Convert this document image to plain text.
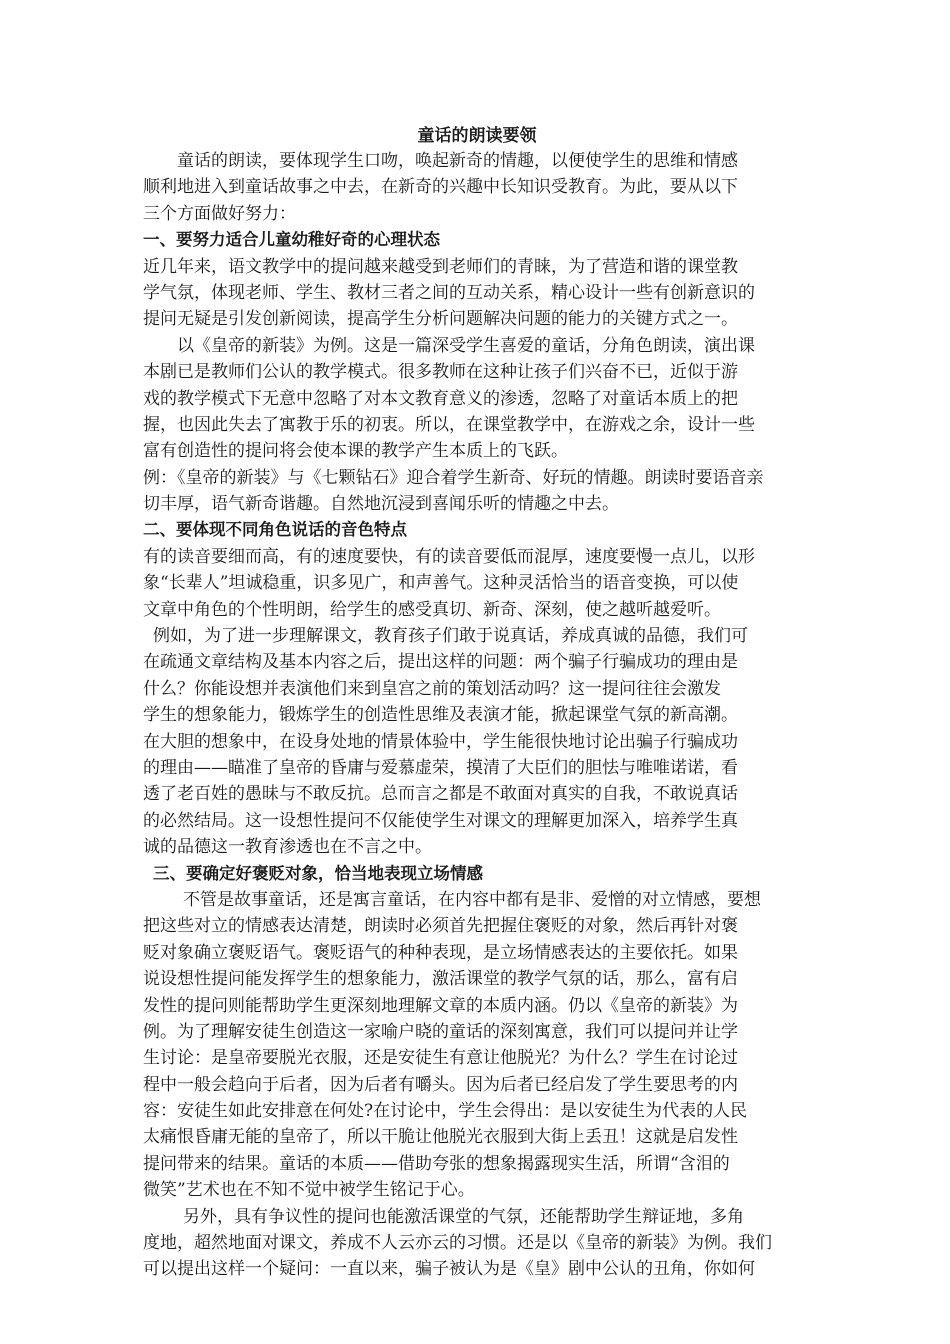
童话的朗读要领
童话的朗读，要体现学生口吻，唤起新奇的情趣，以便使学生的思维和情感
顺利地进入到童话故事之中去，在新奇的兴趣中长知识受教育。为此，要从以下
三个方面做好努力：
一、要努力适合儿童幼稚好奇的心理状态
近几年来，语文教学中的提问越来越受到老师们的青睐，为了营造和谐的课堂教
学气氛，体现老师、学生、教材三者之间的互动关系，精心设计一些有创新意识的
提问无疑是引发创新阅读，提高学生分析问题解决问题的能力的关键方式之一。
以《皇帝的新装》为例。这是一篇深受学生喜爱的童话，分角色朗读，演出课
本剧已是教师们公认的教学模式。很多教师在这种让孩子们兴奋不已，近似于游
戏的教学模式下无意中忽略了对本文教育意义的渗透，忽略了对童话本质上的把
握，也因此失去了寓教于乐的初衷。所以，在课堂教学中，在游戏之余，设计一些
富有创造性的提问将会使本课的教学产生本质上的飞跃。
例：《皇帝的新装》与《七颗钻石》迎合着学生新奇、好玩的情趣。朗读时要语音亲
切丰厚，语气新奇谐趣。自然地沉浸到喜闻乐听的情趣之中去。
二、要体现不同角色说话的音色特点
有的读音要细而高，有的速度要快，有的读音要低而混厚，速度要慢一点儿，以形
象“长辈人”坦诚稳重，识多见广，和声善气。这种灵活恰当的语音变换，可以使
文章中角色的个性明朗，给学生的感受真切、新奇、深刻，使之越听越爱听。
例如，为了进一步理解课文，教育孩子们敢于说真话，养成真诚的品德，我们可
在疏通文章结构及基本内容之后，提出这样的问题：两个骗子行骗成功的理由是
什么？你能设想并表演他们来到皇宫之前的策划活动吗？这一提问往往会激发
学生的想象能力，锻炼学生的创造性思维及表演才能，掀起课堂气氛的新高潮。
在大胆的想象中，在设身处地的情景体验中，学生能很快地讨论出骗子行骗成功
的理由——瞄准了皇帝的昏庸与爱慕虚荣，摸清了大臣们的胆怯与唯唯诺诺，看
透了老百姓的愚昧与不敢反抗。总而言之都是不敢面对真实的自我，不敢说真话
的必然结局。这一设想性提问不仅能使学生对课文的理解更加深入，培养学生真
诚的品德这一教育渗透也在不言之中。
三、要确定好褒贬对象，恰当地表现立场情感
不管是故事童话，还是寓言童话，在内容中都有是非、爱憎的对立情感，要想
把这些对立的情感表达清楚，朗读时必须首先把握住褒贬的对象，然后再针对褒
贬对象确立褒贬语气。褒贬语气的种种表现，是立场情感表达的主要依托。如果
说设想性提问能发挥学生的想象能力，激活课堂的教学气氛的话，那么，富有启
发性的提问则能帮助学生更深刻地理解文章的本质内涵。仍以《皇帝的新装》为
例。为了理解安徒生创造这一家喻户晓的童话的深刻寓意，我们可以提问并让学
生讨论：是皇帝要脱光衣服，还是安徒生有意让他脱光？为什么？学生在讨论过
程中一般会趋向于后者，因为后者有嚼头。因为后者已经启发了学生要思考的内
容：安徒生如此安排意在何处?在讨论中，学生会得出：是以安徒生为代表的人民
太痛恨昏庸无能的皇帝了，所以干脆让他脱光衣服到大街上丢丑！这就是启发性
提问带来的结果。童话的本质——借助夸张的想象揭露现实生活，所谓“含泪的
微笑”艺术也在不知不觉中被学生铭记于心。
另外，具有争议性的提问也能激活课堂的气氛，还能帮助学生辩证地，多角
度地，超然地面对课文，养成不人云亦云的习惯。还是以《皇帝的新装》为例。我们
可以提出这样一个疑问：一直以来，骗子被认为是《皇》剧中公认的丑角，你如何
